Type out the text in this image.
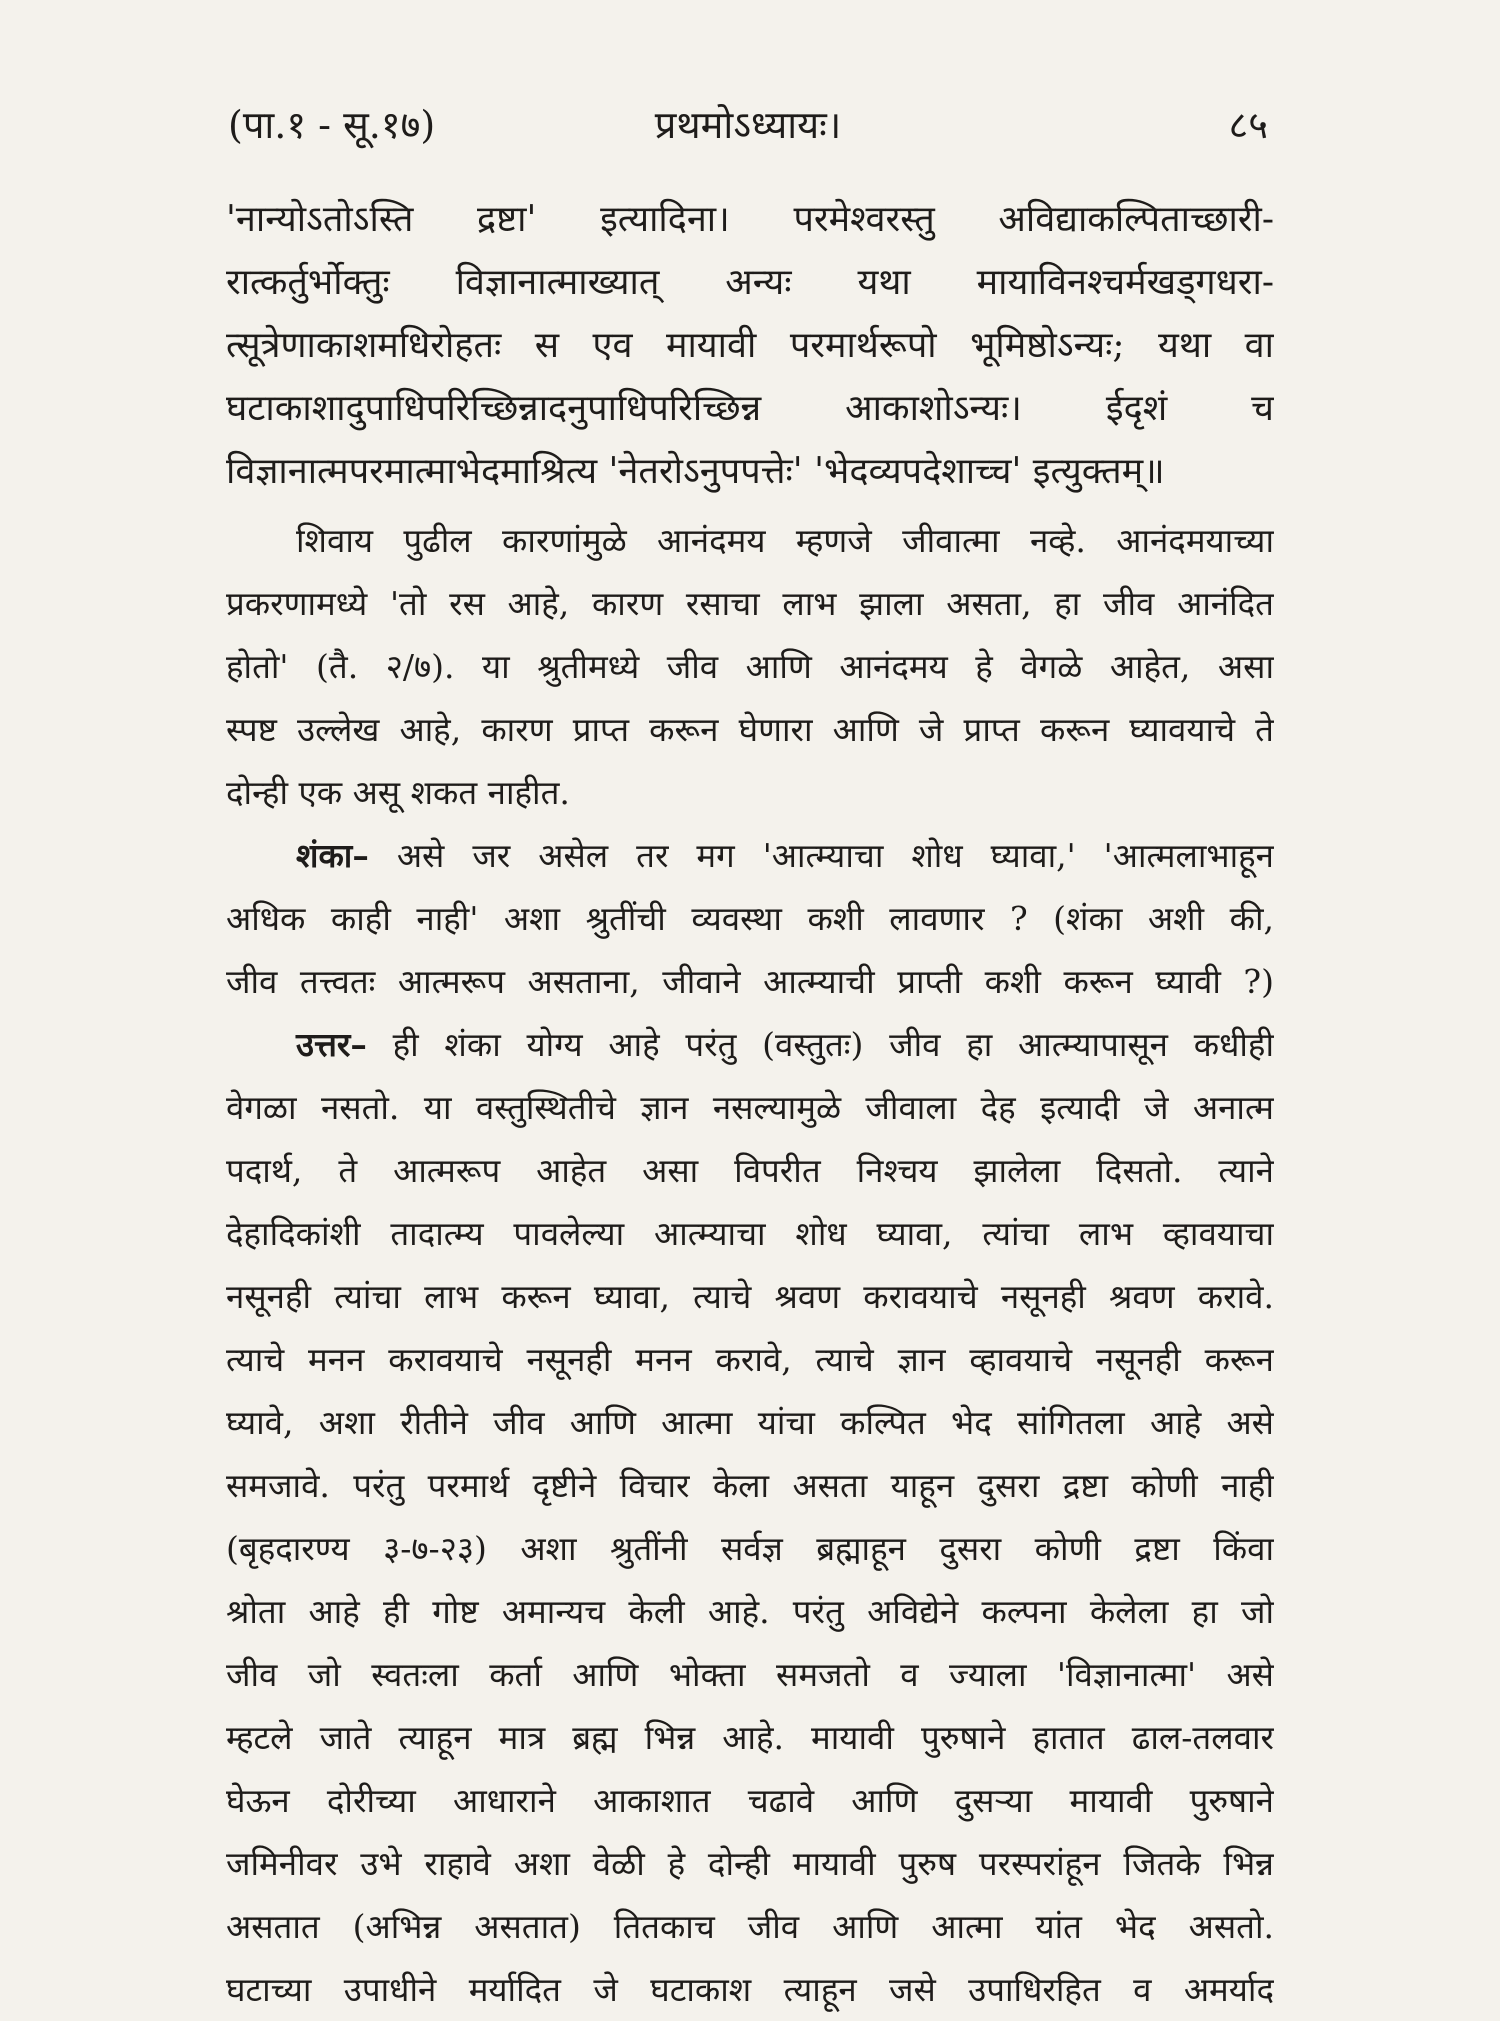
(पा.१ - सू.१७)	प्रथमोऽध्यायः।	८५
'नान्योऽतोऽस्ति द्रष्टा' इत्यादिना। परमेश्वरस्तु अविद्याकल्पिताच्छारी-
रात्कर्तुर्भोक्तुः विज्ञानात्माख्यात् अन्यः यथा मायाविनश्चर्मखड्गधरा-
त्सूत्रेणाकाशमधिरोहतः स एव मायावी परमार्थरूपो भूमिष्ठोऽन्यः; यथा वा
घटाकाशादुपाधिपरिच्छिन्नादनुपाधिपरिच्छिन्न आकाशोऽन्यः। ईदृशं च
विज्ञानात्मपरमात्माभेदमाश्रित्य 'नेतरोऽनुपपत्तेः' 'भेदव्यपदेशाच्च' इत्युक्तम्॥
शिवाय पुढील कारणांमुळे आनंदमय म्हणजे जीवात्मा नव्हे. आनंदमयाच्या
प्रकरणामध्ये 'तो रस आहे, कारण रसाचा लाभ झाला असता, हा जीव आनंदित
होतो' (तै. २/७). या श्रुतीमध्ये जीव आणि आनंदमय हे वेगळे आहेत, असा
स्पष्ट उल्लेख आहे, कारण प्राप्त करून घेणारा आणि जे प्राप्त करून घ्यावयाचे ते
दोन्ही एक असू शकत नाहीत.
शंका– असे जर असेल तर मग 'आत्म्याचा शोध घ्यावा,' 'आत्मलाभाहून
अधिक काही नाही' अशा श्रुतींची व्यवस्था कशी लावणार ? (शंका अशी की,
जीव तत्त्वतः आत्मरूप असताना, जीवाने आत्म्याची प्राप्ती कशी करून घ्यावी ?)
उत्तर– ही शंका योग्य आहे परंतु (वस्तुतः) जीव हा आत्म्यापासून कधीही
वेगळा नसतो. या वस्तुस्थितीचे ज्ञान नसल्यामुळे जीवाला देह इत्यादी जे अनात्म
पदार्थ, ते आत्मरूप आहेत असा विपरीत निश्चय झालेला दिसतो. त्याने
देहादिकांशी तादात्म्य पावलेल्या आत्म्याचा शोध घ्यावा, त्यांचा लाभ व्हावयाचा
नसूनही त्यांचा लाभ करून घ्यावा, त्याचे श्रवण करावयाचे नसूनही श्रवण करावे.
त्याचे मनन करावयाचे नसूनही मनन करावे, त्याचे ज्ञान व्हावयाचे नसूनही करून
घ्यावे, अशा रीतीने जीव आणि आत्मा यांचा कल्पित भेद सांगितला आहे असे
समजावे. परंतु परमार्थ दृष्टीने विचार केला असता याहून दुसरा द्रष्टा कोणी नाही
(बृहदारण्य ३-७-२३) अशा श्रुतींनी सर्वज्ञ ब्रह्माहून दुसरा कोणी द्रष्टा किंवा
श्रोता आहे ही गोष्ट अमान्यच केली आहे. परंतु अविद्येने कल्पना केलेला हा जो
जीव जो स्वतःला कर्ता आणि भोक्ता समजतो व ज्याला 'विज्ञानात्मा' असे
म्हटले जाते त्याहून मात्र ब्रह्म भिन्न आहे. मायावी पुरुषाने हातात ढाल-तलवार
घेऊन दोरीच्या आधाराने आकाशात चढावे आणि दुसऱ्या मायावी पुरुषाने
जमिनीवर उभे राहावे अशा वेळी हे दोन्ही मायावी पुरुष परस्परांहून जितके भिन्न
असतात (अभिन्न असतात) तितकाच जीव आणि आत्मा यांत भेद असतो.
घटाच्या उपाधीने मर्यादित जे घटाकाश त्याहून जसे उपाधिरहित व अमर्याद
